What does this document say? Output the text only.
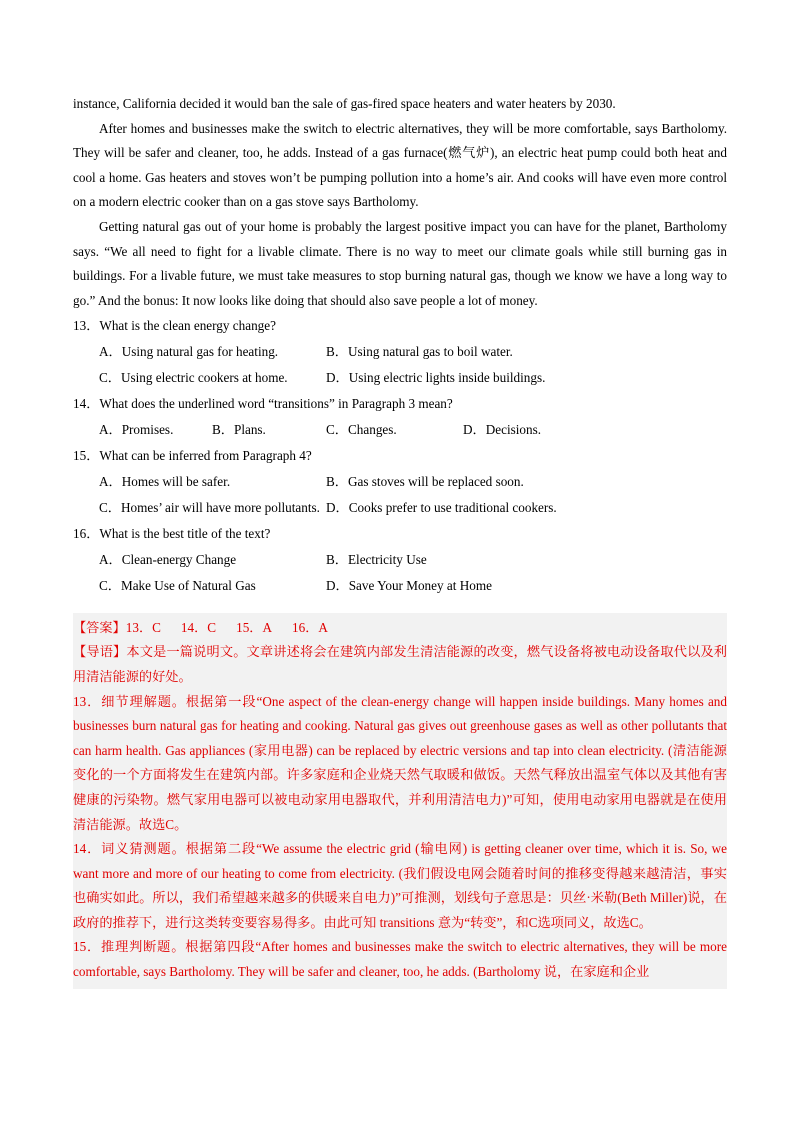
instance, California decided it would ban the sale of gas-fired space heaters and water heaters by 2030.

After homes and businesses make the switch to electric alternatives, they will be more comfortable, says Bartholomy. They will be safer and cleaner, too, he adds. Instead of a gas furnace(燃气炉), an electric heat pump could both heat and cool a home. Gas heaters and stoves won’t be pumping pollution into a home’s air. And cooks will have even more control on a modern electric cooker than on a gas stove says Bartholomy.

Getting natural gas out of your home is probably the largest positive impact you can have for the planet, Bartholomy says. “We all need to fight for a livable climate. There is no way to meet our climate goals while still burning gas in buildings. For a livable future, we must take measures to stop burning natural gas, though we know we have a long way to go.” And the bonus: It now looks like doing that should also save people a lot of money.

13．What is the clean energy change?

A．Using natural gas for heating.	B．Using natural gas to boil water.
C．Using electric cookers at home.	D．Using electric lights inside buildings.

14．What does the underlined word “transitions” in Paragraph 3 mean?

A．Promises.	B．Plans.	C．Changes.	D．Decisions.

15．What can be inferred from Paragraph 4?

A．Homes will be safer.	B．Gas stoves will be replaced soon.
C．Homes’ air will have more pollutants. D．Cooks prefer to use traditional cookers.

16．What is the best title of the text?

A．Clean-energy Change	B．Electricity Use
C．Make Use of Natural Gas	D．Save Your Money at Home

【答案】13．C 14．C 15．A 16．A

【导语】本文是一篇说明文。文章讲述将会在建筑内部发生清洁能源的改变，燃气设备将被电动设备取代以及利用清洁能源的好处。

13．细节理解题。根据第一段“One aspect of the clean-energy change will happen inside buildings. Many homes and businesses burn natural gas for heating and cooking. Natural gas gives out greenhouse gases as well as other pollutants that can harm health. Gas appliances (家用电器) can be replaced by electric versions and tap into clean electricity. (清洁能源变化的一个方面将发生在建筑内部。许多家庭和企业烧天然气取暖和做饭。天然气释放出温室气体以及其他有害健康的污染物。燃气家用电器可以被电动家用电器取代，并利用清洁电力)”可知，使用电动家用电器就是在使用清洁能源。故选C。

14．词义猜测题。根据第二段“We assume the electric grid (输电网) is getting cleaner over time, which it is. So, we want more and more of our heating to come from electricity. (我们假设电网会随着时间的推移变得越来越清洁，事实也确实如此。所以，我们希望越来越多的供暖来自电力)”可推测，划线句子意思是：贝丝·米勒(Beth Miller)说，在政府的推荐下，进行这类转变要容易得多。由此可知 transitions 意为“转变”，和C选项同义，故选C。

15．推理判断题。根据第四段“After homes and businesses make the switch to electric alternatives, they will be more comfortable, says Bartholomy. They will be safer and cleaner, too, he adds. (Bartholomy 说，在家庭和企业
